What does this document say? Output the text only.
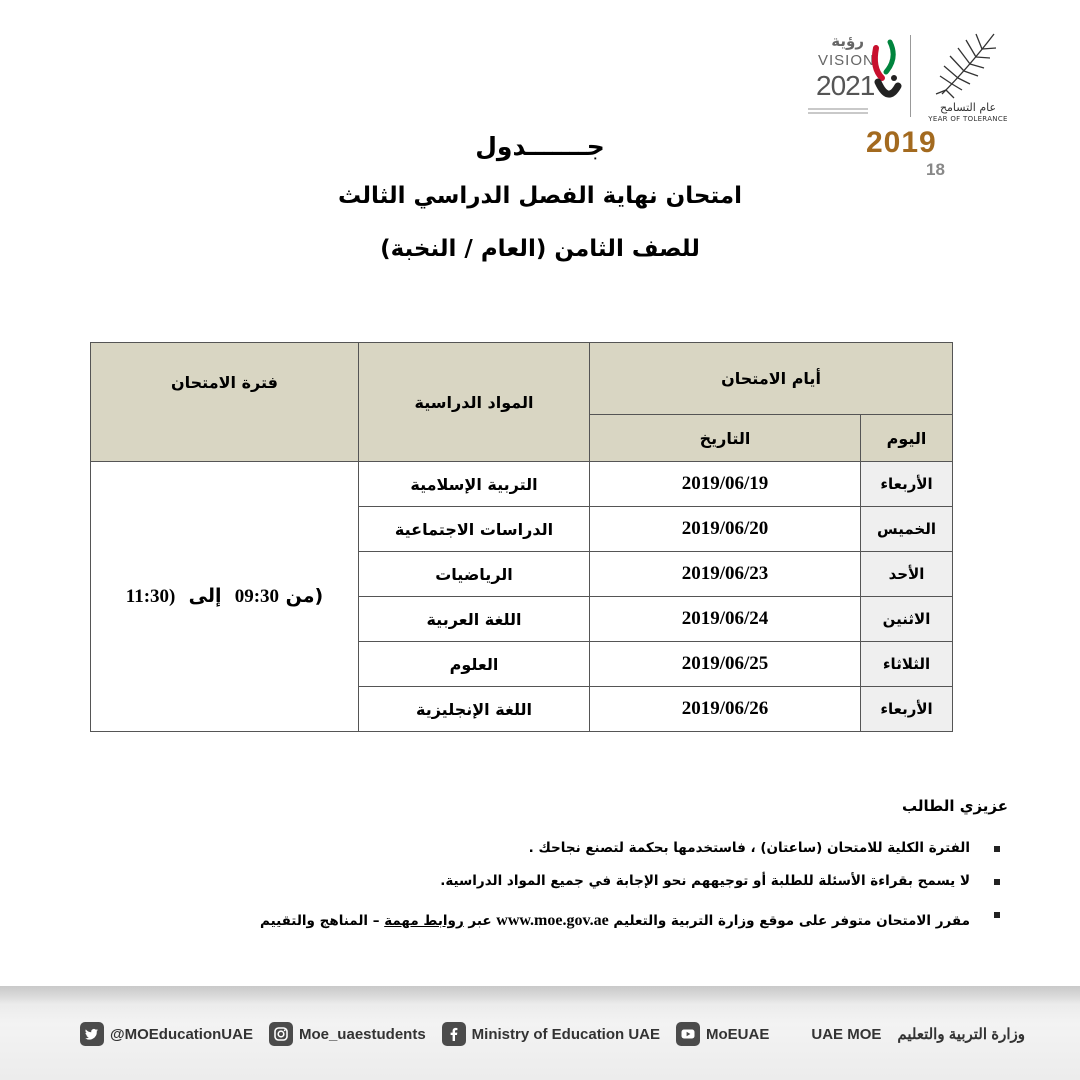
عام التسامح
YEAR OF TOLERANCE
رؤية
VISION
2021
2019
18
جـــــــدول
امتحان نهاية الفصل الدراسي الثالث
للصف الثامن (العام / النخبة)
أيام الامتحان		المواد الدراسية	فترة الامتحان
اليوم	التاريخ		
الأربعاء	2019/06/19	التربية الإسلامية	(من 09:30  إلى  11:30)
الخميس	2019/06/20	الدراسات الاجتماعية	
الأحد	2019/06/23	الرياضيات	
الاثنين	2019/06/24	اللغة العربية	
الثلاثاء	2019/06/25	العلوم	
الأربعاء	2019/06/26	اللغة الإنجليزية	
عزيزي الطالب
الفترة الكلية للامتحان (ساعتان) ، فاستخدمها بحكمة لتصنع نجاحك .
لا يسمح بقراءة الأسئلة للطلبة أو توجيههم نحو الإجابة في جميع المواد الدراسية.
مقرر الامتحان متوفر على موقع وزارة التربية والتعليم www.moe.gov.ae عبر روابط مهمة – المناهج والتقييم
@MOEducationUAE	Moe_uaestudents	Ministry of Education UAE	MoEUAE	UAE MOE وزارة التربية والتعليم
